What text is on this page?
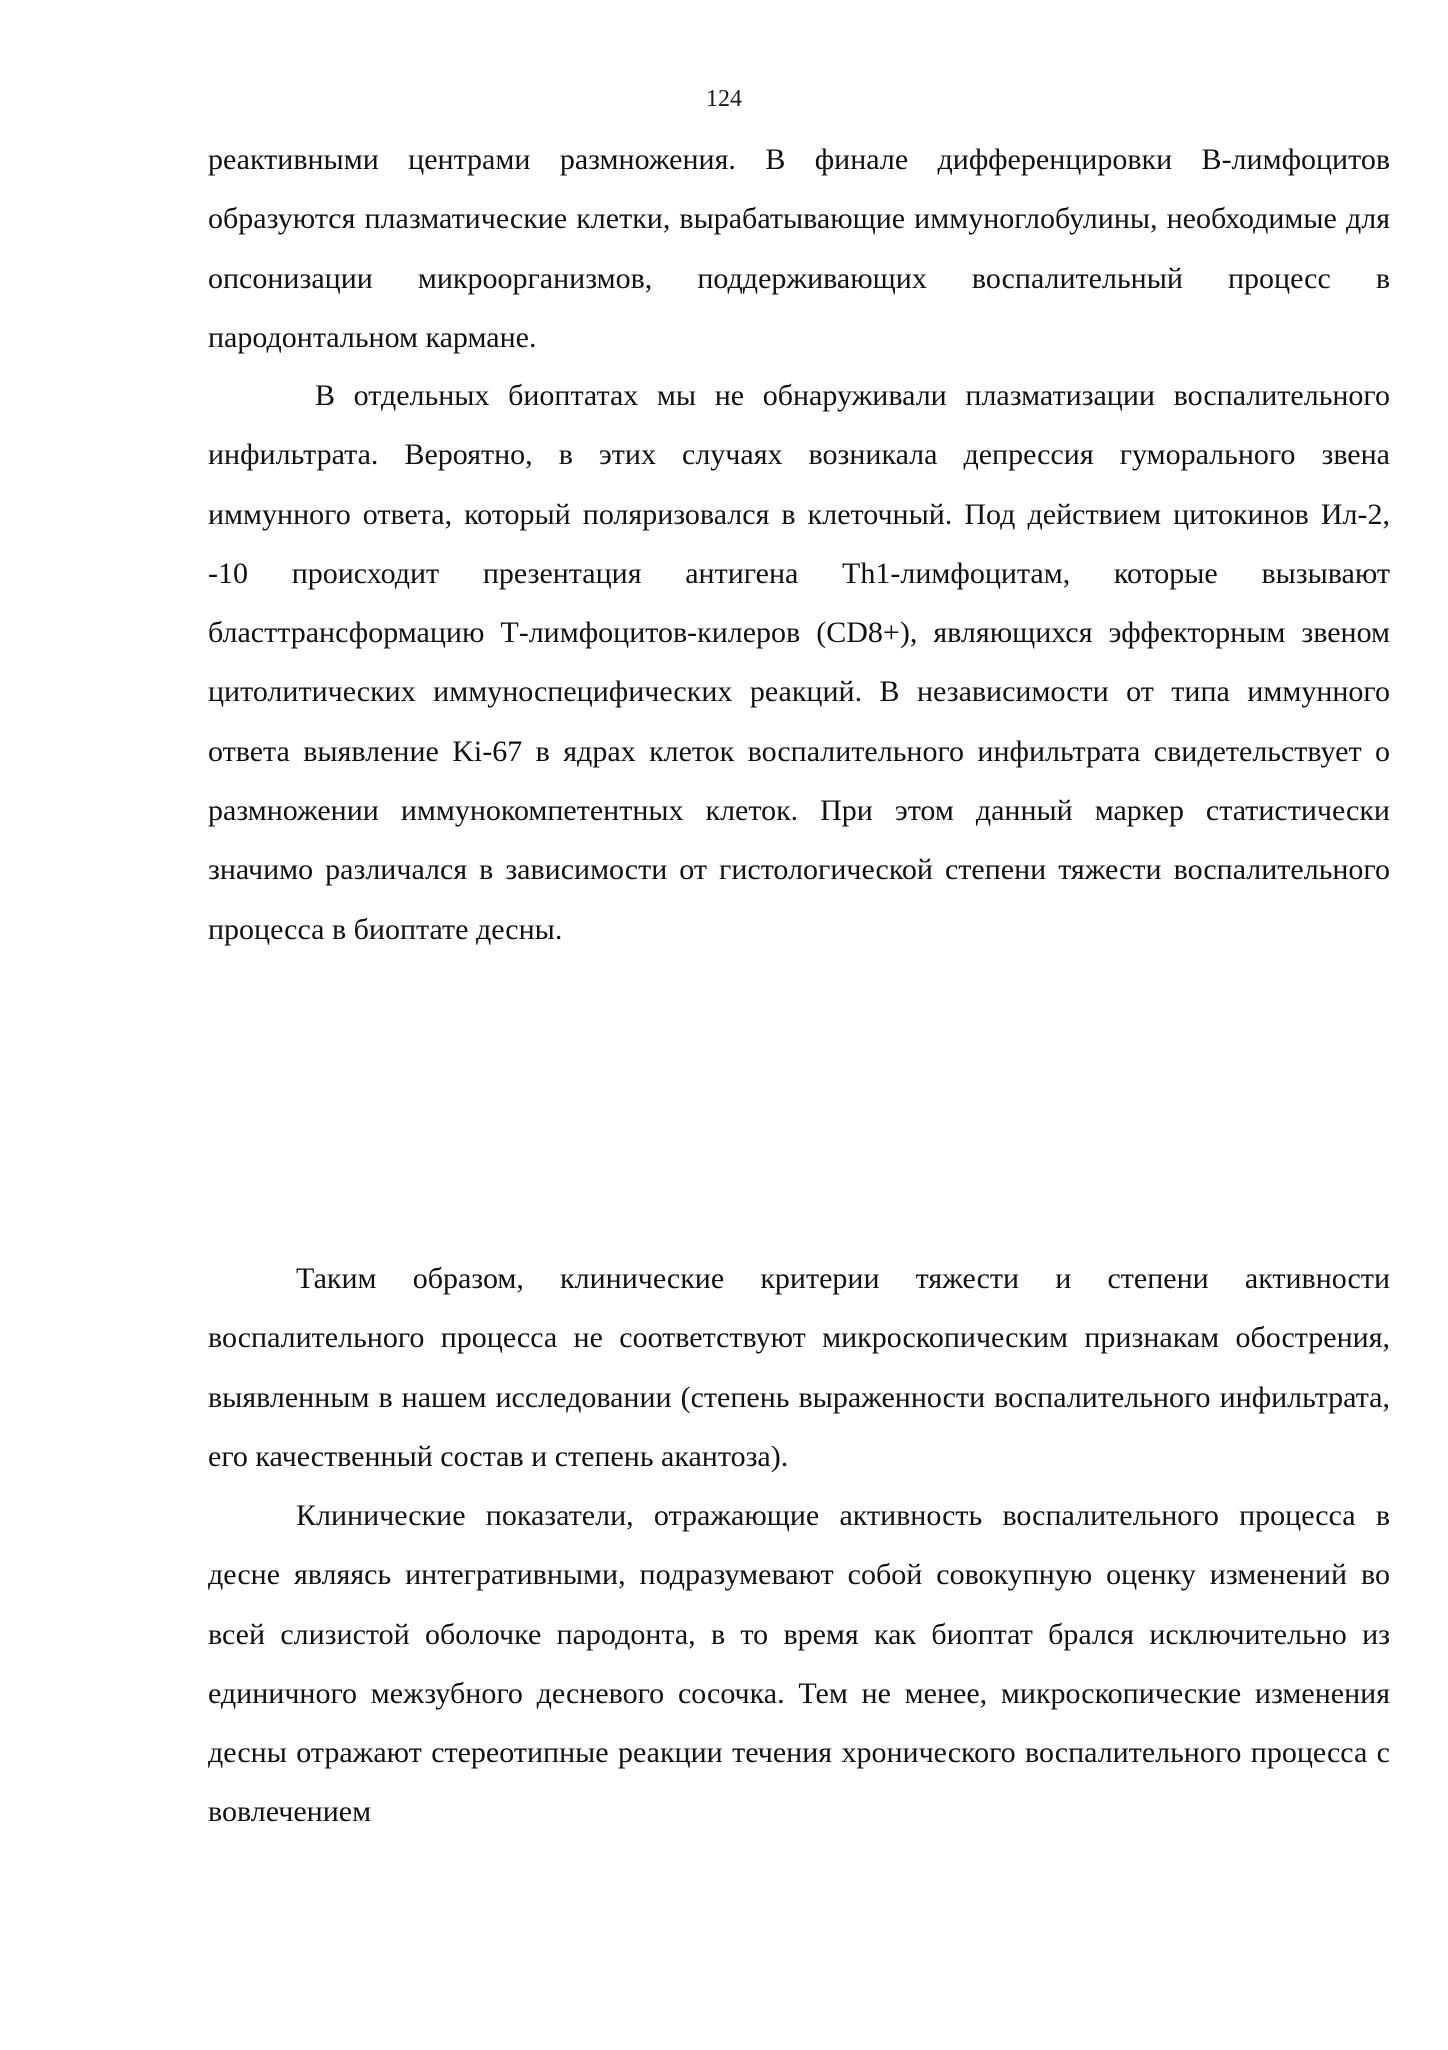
124

реактивными центрами размножения. В финале дифференцировки В-лимфоцитов образуются плазматические клетки, вырабатывающие иммуноглобулины, необходимые для опсонизации микроорганизмов, поддерживающих воспалительный процесс в пародонтальном кармане.

В отдельных биоптатах мы не обнаруживали плазматизации воспалительного инфильтрата. Вероятно, в этих случаях возникала депрессия гуморального звена иммунного ответа, который поляризовался в клеточный. Под действием цитокинов Ил-2, -10 происходит презентация антигена Th1-лимфоцитам, которые вызывают бласттрансформацию Т-лимфоцитов-килеров (CD8+), являющихся эффекторным звеном цитолитических иммуноспецифических реакций. В независимости от типа иммунного ответа выявление Ki-67 в ядрах клеток воспалительного инфильтрата свидетельствует о размножении иммунокомпетентных клеток. При этом данный маркер статистически значимо различался в зависимости от гистологической степени тяжести воспалительного процесса в биоптате десны.

Таким образом, клинические критерии тяжести и степени активности воспалительного процесса не соответствуют микроскопическим признакам обострения, выявленным в нашем исследовании (степень выраженности воспалительного инфильтрата, его качественный состав и степень акантоза).

Клинические показатели, отражающие активность воспалительного процесса в десне являясь интегративными, подразумевают собой совокупную оценку изменений во всей слизистой оболочке пародонта, в то время как биоптат брался исключительно из единичного межзубного десневого сосочка. Тем не менее, микроскопические изменения десны отражают стереотипные реакции течения хронического воспалительного процесса с вовлечением
